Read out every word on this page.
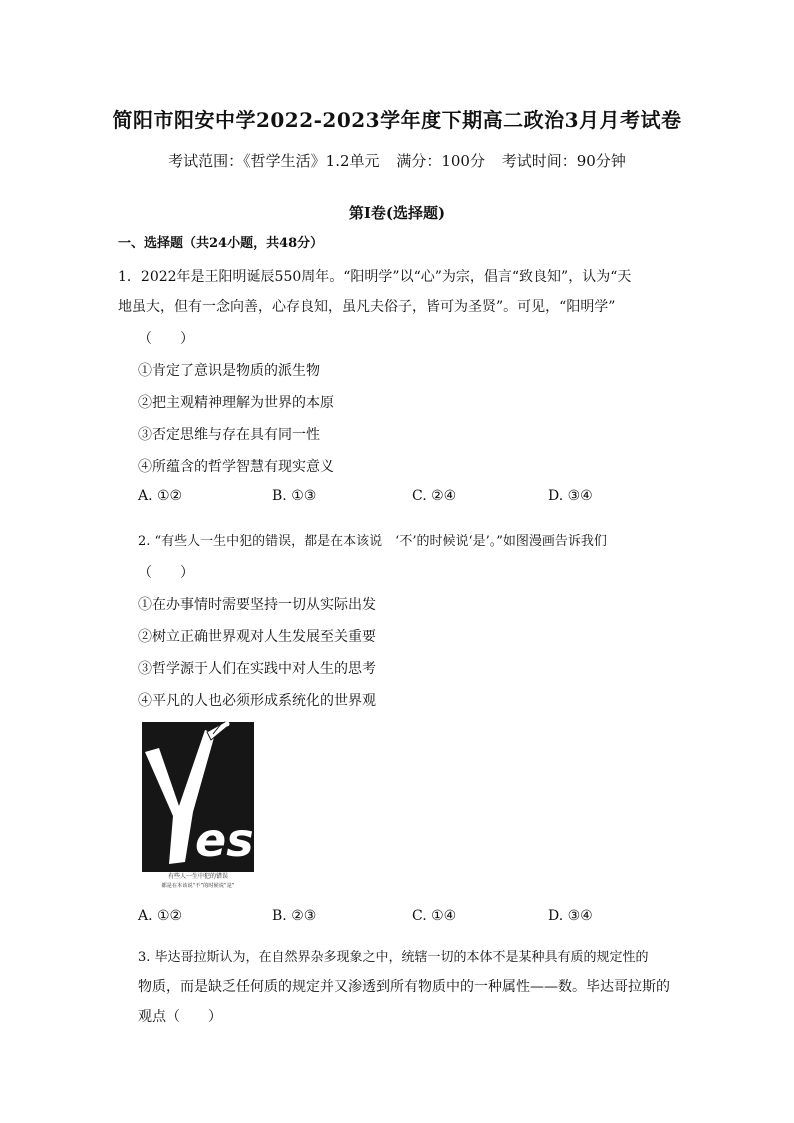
简阳市阳安中学2022-2023学年度下期高二政治3月月考试卷
考试范围：《哲学生活》1.2单元 满分：100分 考试时间：90分钟
第I卷(选择题)
一、选择题（共24小题，共48分）
1．2022年是王阳明诞辰550周年。“阳明学”以“心”为宗，倡言“致良知”，认为“天
地虽大，但有一念向善，心存良知，虽凡夫俗子，皆可为圣贤”。可见，“阳明学”
（　　）
①肯定了意识是物质的派生物
②把主观精神理解为世界的本原
③否定思维与存在具有同一性
④所蕴含的哲学智慧有现实意义
A. ①②	B. ①③	C. ②④	D. ③④
2. “有些人一生中犯的错误，都是在本该说　‘不’的时候说‘是’。”如图漫画告诉我们
（　　）
①在办事情时需要坚持一切从实际出发
②树立正确世界观对人生发展至关重要
③哲学源于人们在实践中对人生的思考
④平凡的人也必须形成系统化的世界观
es
有些人一生中犯的错误
都是在本该说“不”的时候说“是”
A. ①②	B. ②③	C. ①④	D. ③④
3. 毕达哥拉斯认为，在自然界杂多现象之中，统辖一切的本体不是某种具有质的规定性的
物质，而是缺乏任何质的规定并又渗透到所有物质中的一种属性——数。毕达哥拉斯的
观点（　　）
